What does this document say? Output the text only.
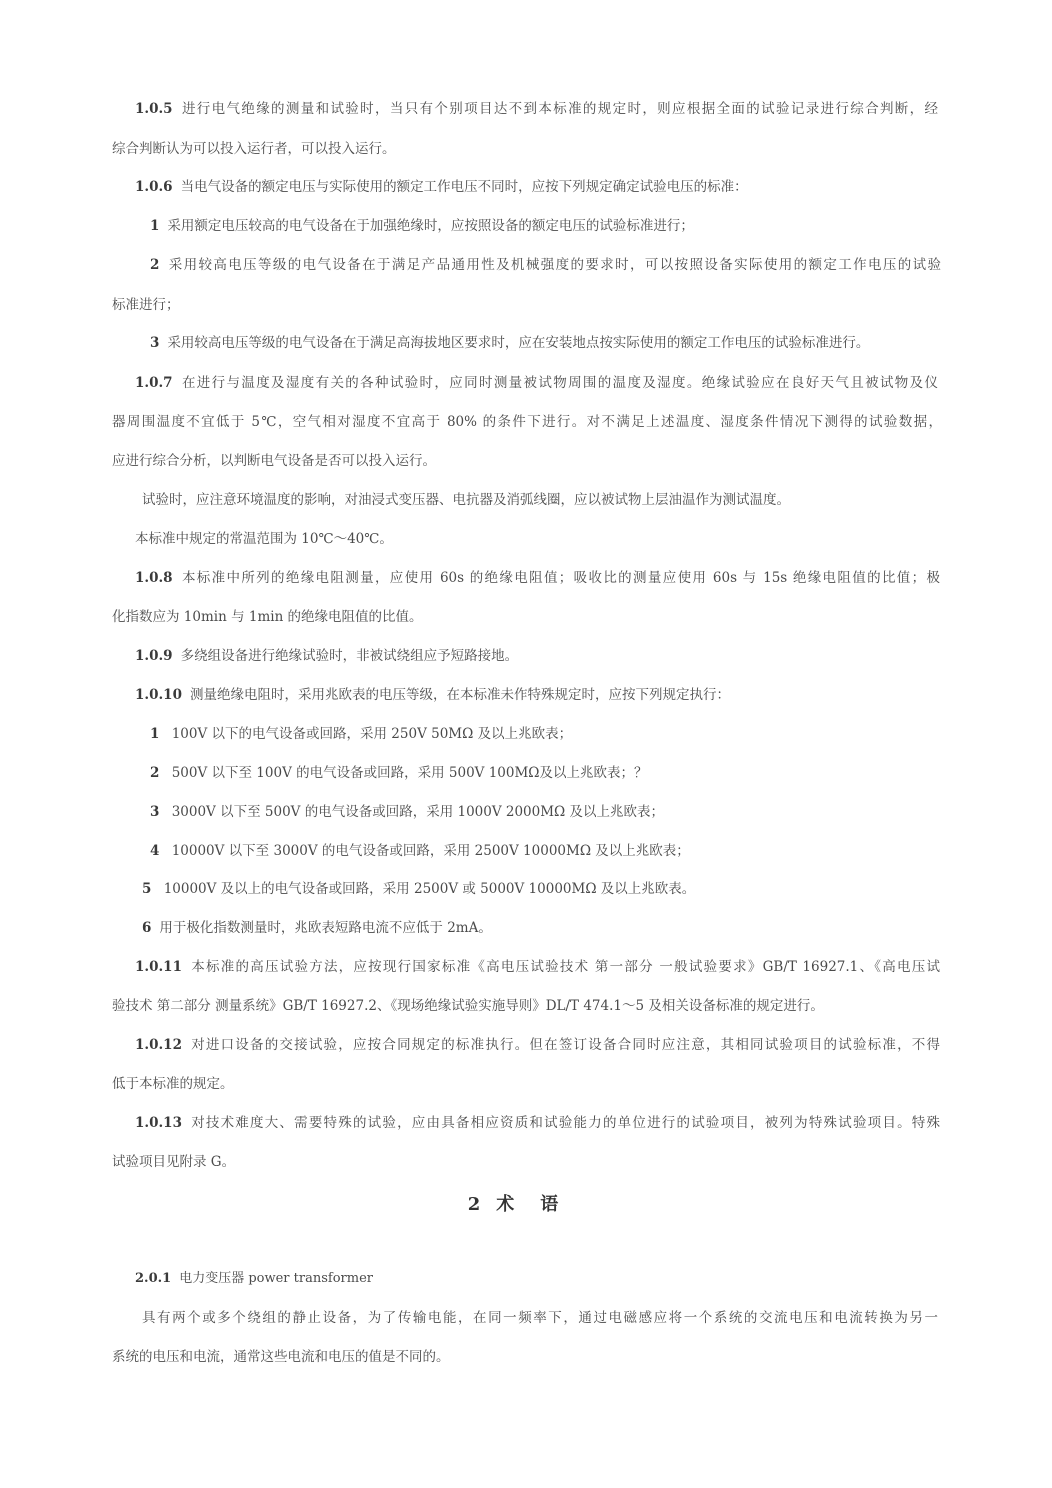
1.0.5 进行电气绝缘的测量和试验时，当只有个别项目达不到本标准的规定时，则应根据全面的试验记录进行综合判断，经
综合判断认为可以投入运行者，可以投入运行。
1.0.6 当电气设备的额定电压与实际使用的额定工作电压不同时，应按下列规定确定试验电压的标准：
1 采用额定电压较高的电气设备在于加强绝缘时，应按照设备的额定电压的试验标准进行；
2 采用较高电压等级的电气设备在于满足产品通用性及机械强度的要求时，可以按照设备实际使用的额定工作电压的试验
标准进行；
3 采用较高电压等级的电气设备在于满足高海拔地区要求时，应在安装地点按实际使用的额定工作电压的试验标准进行。
1.0.7 在进行与温度及湿度有关的各种试验时，应同时测量被试物周围的温度及湿度。绝缘试验应在良好天气且被试物及仪
器周围温度不宜低于 5℃，空气相对湿度不宜高于 80% 的条件下进行。对不满足上述温度、湿度条件情况下测得的试验数据，
应进行综合分析，以判断电气设备是否可以投入运行。
试验时，应注意环境温度的影响，对油浸式变压器、电抗器及消弧线圈，应以被试物上层油温作为测试温度。
本标准中规定的常温范围为 10℃～40℃。
1.0.8 本标准中所列的绝缘电阻测量，应使用 60s 的绝缘电阻值；吸收比的测量应使用 60s 与 15s 绝缘电阻值的比值；极
化指数应为 10min 与 1min 的绝缘电阻值的比值。
1.0.9 多绕组设备进行绝缘试验时，非被试绕组应予短路接地。
1.0.10 测量绝缘电阻时，采用兆欧表的电压等级，在本标准未作特殊规定时，应按下列规定执行：
1 100V 以下的电气设备或回路，采用 250V 50MΩ 及以上兆欧表；
2 500V 以下至 100V 的电气设备或回路，采用 500V 100MΩ及以上兆欧表；？
3 3000V 以下至 500V 的电气设备或回路，采用 1000V 2000MΩ 及以上兆欧表；
4 10000V 以下至 3000V 的电气设备或回路，采用 2500V 10000MΩ 及以上兆欧表；
5 10000V 及以上的电气设备或回路，采用 2500V 或 5000V 10000MΩ 及以上兆欧表。
6 用于极化指数测量时，兆欧表短路电流不应低于 2mA。
1.0.11 本标准的高压试验方法，应按现行国家标准《高电压试验技术 第一部分 一般试验要求》GB/T 16927.1、《高电压试
验技术 第二部分 测量系统》GB/T 16927.2、《现场绝缘试验实施导则》DL/T 474.1～5 及相关设备标准的规定进行。
1.0.12 对进口设备的交接试验，应按合同规定的标准执行。但在签订设备合同时应注意，其相同试验项目的试验标准，不得
低于本标准的规定。
1.0.13 对技术难度大、需要特殊的试验，应由具备相应资质和试验能力的单位进行的试验项目，被列为特殊试验项目。特殊
试验项目见附录 G。
2 术语
2.0.1 电力变压器 power transformer
具有两个或多个绕组的静止设备，为了传输电能，在同一频率下，通过电磁感应将一个系统的交流电压和电流转换为另一
系统的电压和电流，通常这些电流和电压的值是不同的。
